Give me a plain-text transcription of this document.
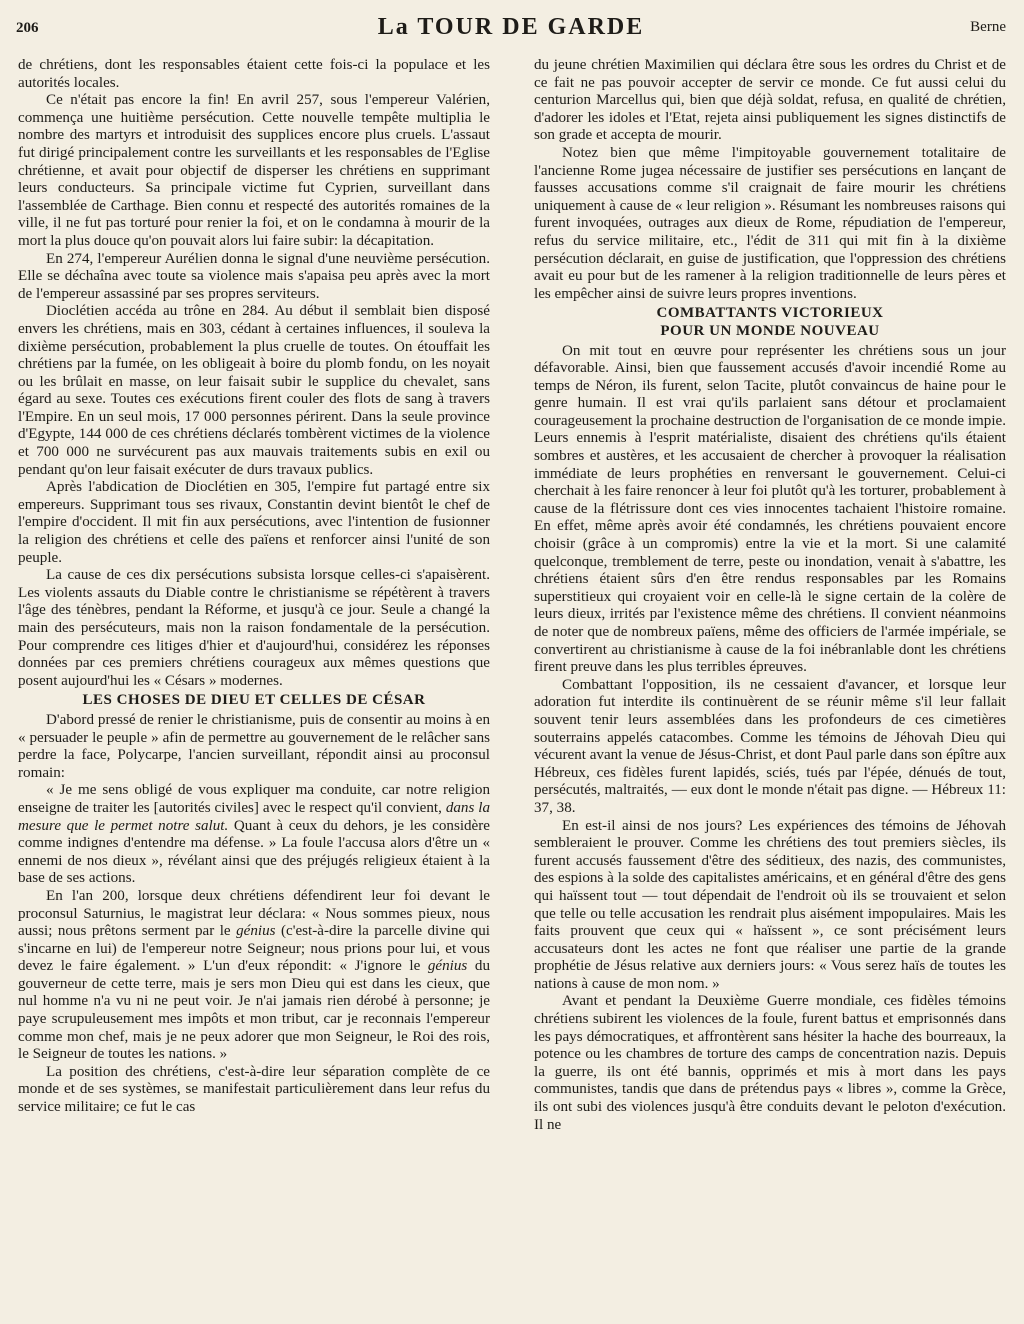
206	La TOUR DE GARDE	Berne

de chrétiens, dont les responsables étaient cette fois-ci la populace et les autorités locales.

Ce n'était pas encore la fin! En avril 257, sous l'empereur Valérien, commença une huitième persécution. Cette nouvelle tempête multiplia le nombre des martyrs et introduisit des supplices encore plus cruels. L'assaut fut dirigé principalement contre les surveillants et les responsables de l'Eglise chrétienne, et avait pour objectif de disperser les chrétiens en supprimant leurs conducteurs. Sa principale victime fut Cyprien, surveillant dans l'assemblée de Carthage. Bien connu et respecté des autorités romaines de la ville, il ne fut pas torturé pour renier la foi, et on le condamna à mourir de la mort la plus douce qu'on pouvait alors lui faire subir: la décapitation.

En 274, l'empereur Aurélien donna le signal d'une neuvième persécution. Elle se déchaîna avec toute sa violence mais s'apaisa peu après avec la mort de l'empereur assassiné par ses propres serviteurs.

Dioclétien accéda au trône en 284. Au début il semblait bien disposé envers les chrétiens, mais en 303, cédant à certaines influences, il souleva la dixième persécution, probablement la plus cruelle de toutes. On étouffait les chrétiens par la fumée, on les obligeait à boire du plomb fondu, on les noyait ou les brûlait en masse, on leur faisait subir le supplice du chevalet, sans égard au sexe. Toutes ces exécutions firent couler des flots de sang à travers l'Empire. En un seul mois, 17 000 personnes périrent. Dans la seule province d'Egypte, 144 000 de ces chrétiens déclarés tombèrent victimes de la violence et 700 000 ne survécurent pas aux mauvais traitements subis en exil ou pendant qu'on leur faisait exécuter de durs travaux publics.

Après l'abdication de Dioclétien en 305, l'empire fut partagé entre six empereurs. Supprimant tous ses rivaux, Constantin devint bientôt le chef de l'empire d'occident. Il mit fin aux persécutions, avec l'intention de fusionner la religion des chrétiens et celle des païens et renforcer ainsi l'unité de son peuple.

La cause de ces dix persécutions subsista lorsque celles-ci s'apaisèrent. Les violents assauts du Diable contre le christianisme se répétèrent à travers l'âge des ténèbres, pendant la Réforme, et jusqu'à ce jour. Seule a changé la main des persécuteurs, mais non la raison fondamentale de la persécution. Pour comprendre ces litiges d'hier et d'aujourd'hui, considérez les réponses données par ces premiers chrétiens courageux aux mêmes questions que posent aujourd'hui les « Césars » modernes.

LES CHOSES DE DIEU ET CELLES DE CÉSAR

D'abord pressé de renier le christianisme, puis de consentir au moins à en « persuader le peuple » afin de permettre au gouvernement de le relâcher sans perdre la face, Polycarpe, l'ancien surveillant, répondit ainsi au proconsul romain:

« Je me sens obligé de vous expliquer ma conduite, car notre religion enseigne de traiter les [autorités civiles] avec le respect qu'il convient, dans la mesure que le permet notre salut. Quant à ceux du dehors, je les considère comme indignes d'entendre ma défense. » La foule l'accusa alors d'être un « ennemi de nos dieux », révélant ainsi que des préjugés religieux étaient à la base de ses actions.

En l'an 200, lorsque deux chrétiens défendirent leur foi devant le proconsul Saturnius, le magistrat leur déclara: « Nous sommes pieux, nous aussi; nous prêtons serment par le génius (c'est-à-dire la parcelle divine qui s'incarne en lui) de l'empereur notre Seigneur; nous prions pour lui, et vous devez le faire également. » L'un d'eux répondit: « J'ignore le génius du gouverneur de cette terre, mais je sers mon Dieu qui est dans les cieux, que nul homme n'a vu ni ne peut voir. Je n'ai jamais rien dérobé à personne; je paye scrupuleusement mes impôts et mon tribut, car je reconnais l'empereur comme mon chef, mais je ne peux adorer que mon Seigneur, le Roi des rois, le Seigneur de toutes les nations. »

La position des chrétiens, c'est-à-dire leur séparation complète de ce monde et de ses systèmes, se manifestait particulièrement dans leur refus du service militaire; ce fut le cas

du jeune chrétien Maximilien qui déclara être sous les ordres du Christ et de ce fait ne pas pouvoir accepter de servir ce monde. Ce fut aussi celui du centurion Marcellus qui, bien que déjà soldat, refusa, en qualité de chrétien, d'adorer les idoles et l'Etat, rejeta ainsi publiquement les signes distinctifs de son grade et accepta de mourir.

Notez bien que même l'impitoyable gouvernement totalitaire de l'ancienne Rome jugea nécessaire de justifier ses persécutions en lançant de fausses accusations comme s'il craignait de faire mourir les chrétiens uniquement à cause de « leur religion ». Résumant les nombreuses raisons qui furent invoquées, outrages aux dieux de Rome, répudiation de l'empereur, refus du service militaire, etc., l'édit de 311 qui mit fin à la dixième persécution déclarait, en guise de justification, que l'oppression des chrétiens avait eu pour but de les ramener à la religion traditionnelle de leurs pères et les empêcher ainsi de suivre leurs propres inventions.

COMBATTANTS VICTORIEUX
POUR UN MONDE NOUVEAU

On mit tout en œuvre pour représenter les chrétiens sous un jour défavorable. Ainsi, bien que faussement accusés d'avoir incendié Rome au temps de Néron, ils furent, selon Tacite, plutôt convaincus de haine pour le genre humain. Il est vrai qu'ils parlaient sans détour et proclamaient courageusement la prochaine destruction de l'organisation de ce monde impie. Leurs ennemis à l'esprit matérialiste, disaient des chrétiens qu'ils étaient sombres et austères, et les accusaient de chercher à provoquer la réalisation immédiate de leurs prophéties en renversant le gouvernement. Celui-ci cherchait à les faire renoncer à leur foi plutôt qu'à les torturer, probablement à cause de la flétrissure dont ces vies innocentes tachaient l'histoire romaine. En effet, même après avoir été condamnés, les chrétiens pouvaient encore choisir (grâce à un compromis) entre la vie et la mort. Si une calamité quelconque, tremblement de terre, peste ou inondation, venait à s'abattre, les chrétiens étaient sûrs d'en être rendus responsables par les Romains superstitieux qui croyaient voir en celle-là le signe certain de la colère de leurs dieux, irrités par l'existence même des chrétiens. Il convient néanmoins de noter que de nombreux païens, même des officiers de l'armée impériale, se convertirent au christianisme à cause de la foi inébranlable dont les chrétiens firent preuve dans les plus terribles épreuves.

Combattant l'opposition, ils ne cessaient d'avancer, et lorsque leur adoration fut interdite ils continuèrent de se réunir même s'il leur fallait souvent tenir leurs assemblées dans les profondeurs de ces cimetières souterrains appelés catacombes. Comme les témoins de Jéhovah Dieu qui vécurent avant la venue de Jésus-Christ, et dont Paul parle dans son épître aux Hébreux, ces fidèles furent lapidés, sciés, tués par l'épée, dénués de tout, persécutés, maltraités, — eux dont le monde n'était pas digne. — Hébreux 11: 37, 38.

En est-il ainsi de nos jours? Les expériences des témoins de Jéhovah sembleraient le prouver. Comme les chrétiens des tout premiers siècles, ils furent accusés faussement d'être des séditieux, des nazis, des communistes, des espions à la solde des capitalistes américains, et en général d'être des gens qui haïssent tout — tout dépendait de l'endroit où ils se trouvaient et selon que telle ou telle accusation les rendrait plus aisément impopulaires. Mais les faits prouvent que ceux qui « haïssent », ce sont précisément leurs accusateurs dont les actes ne font que réaliser une partie de la grande prophétie de Jésus relative aux derniers jours: « Vous serez haïs de toutes les nations à cause de mon nom. »

Avant et pendant la Deuxième Guerre mondiale, ces fidèles témoins chrétiens subirent les violences de la foule, furent battus et emprisonnés dans les pays démocratiques, et affrontèrent sans hésiter la hache des bourreaux, la potence ou les chambres de torture des camps de concentration nazis. Depuis la guerre, ils ont été bannis, opprimés et mis à mort dans les pays communistes, tandis que dans de prétendus pays « libres », comme la Grèce, ils ont subi des violences jusqu'à être conduits devant le peloton d'exécution. Il ne
